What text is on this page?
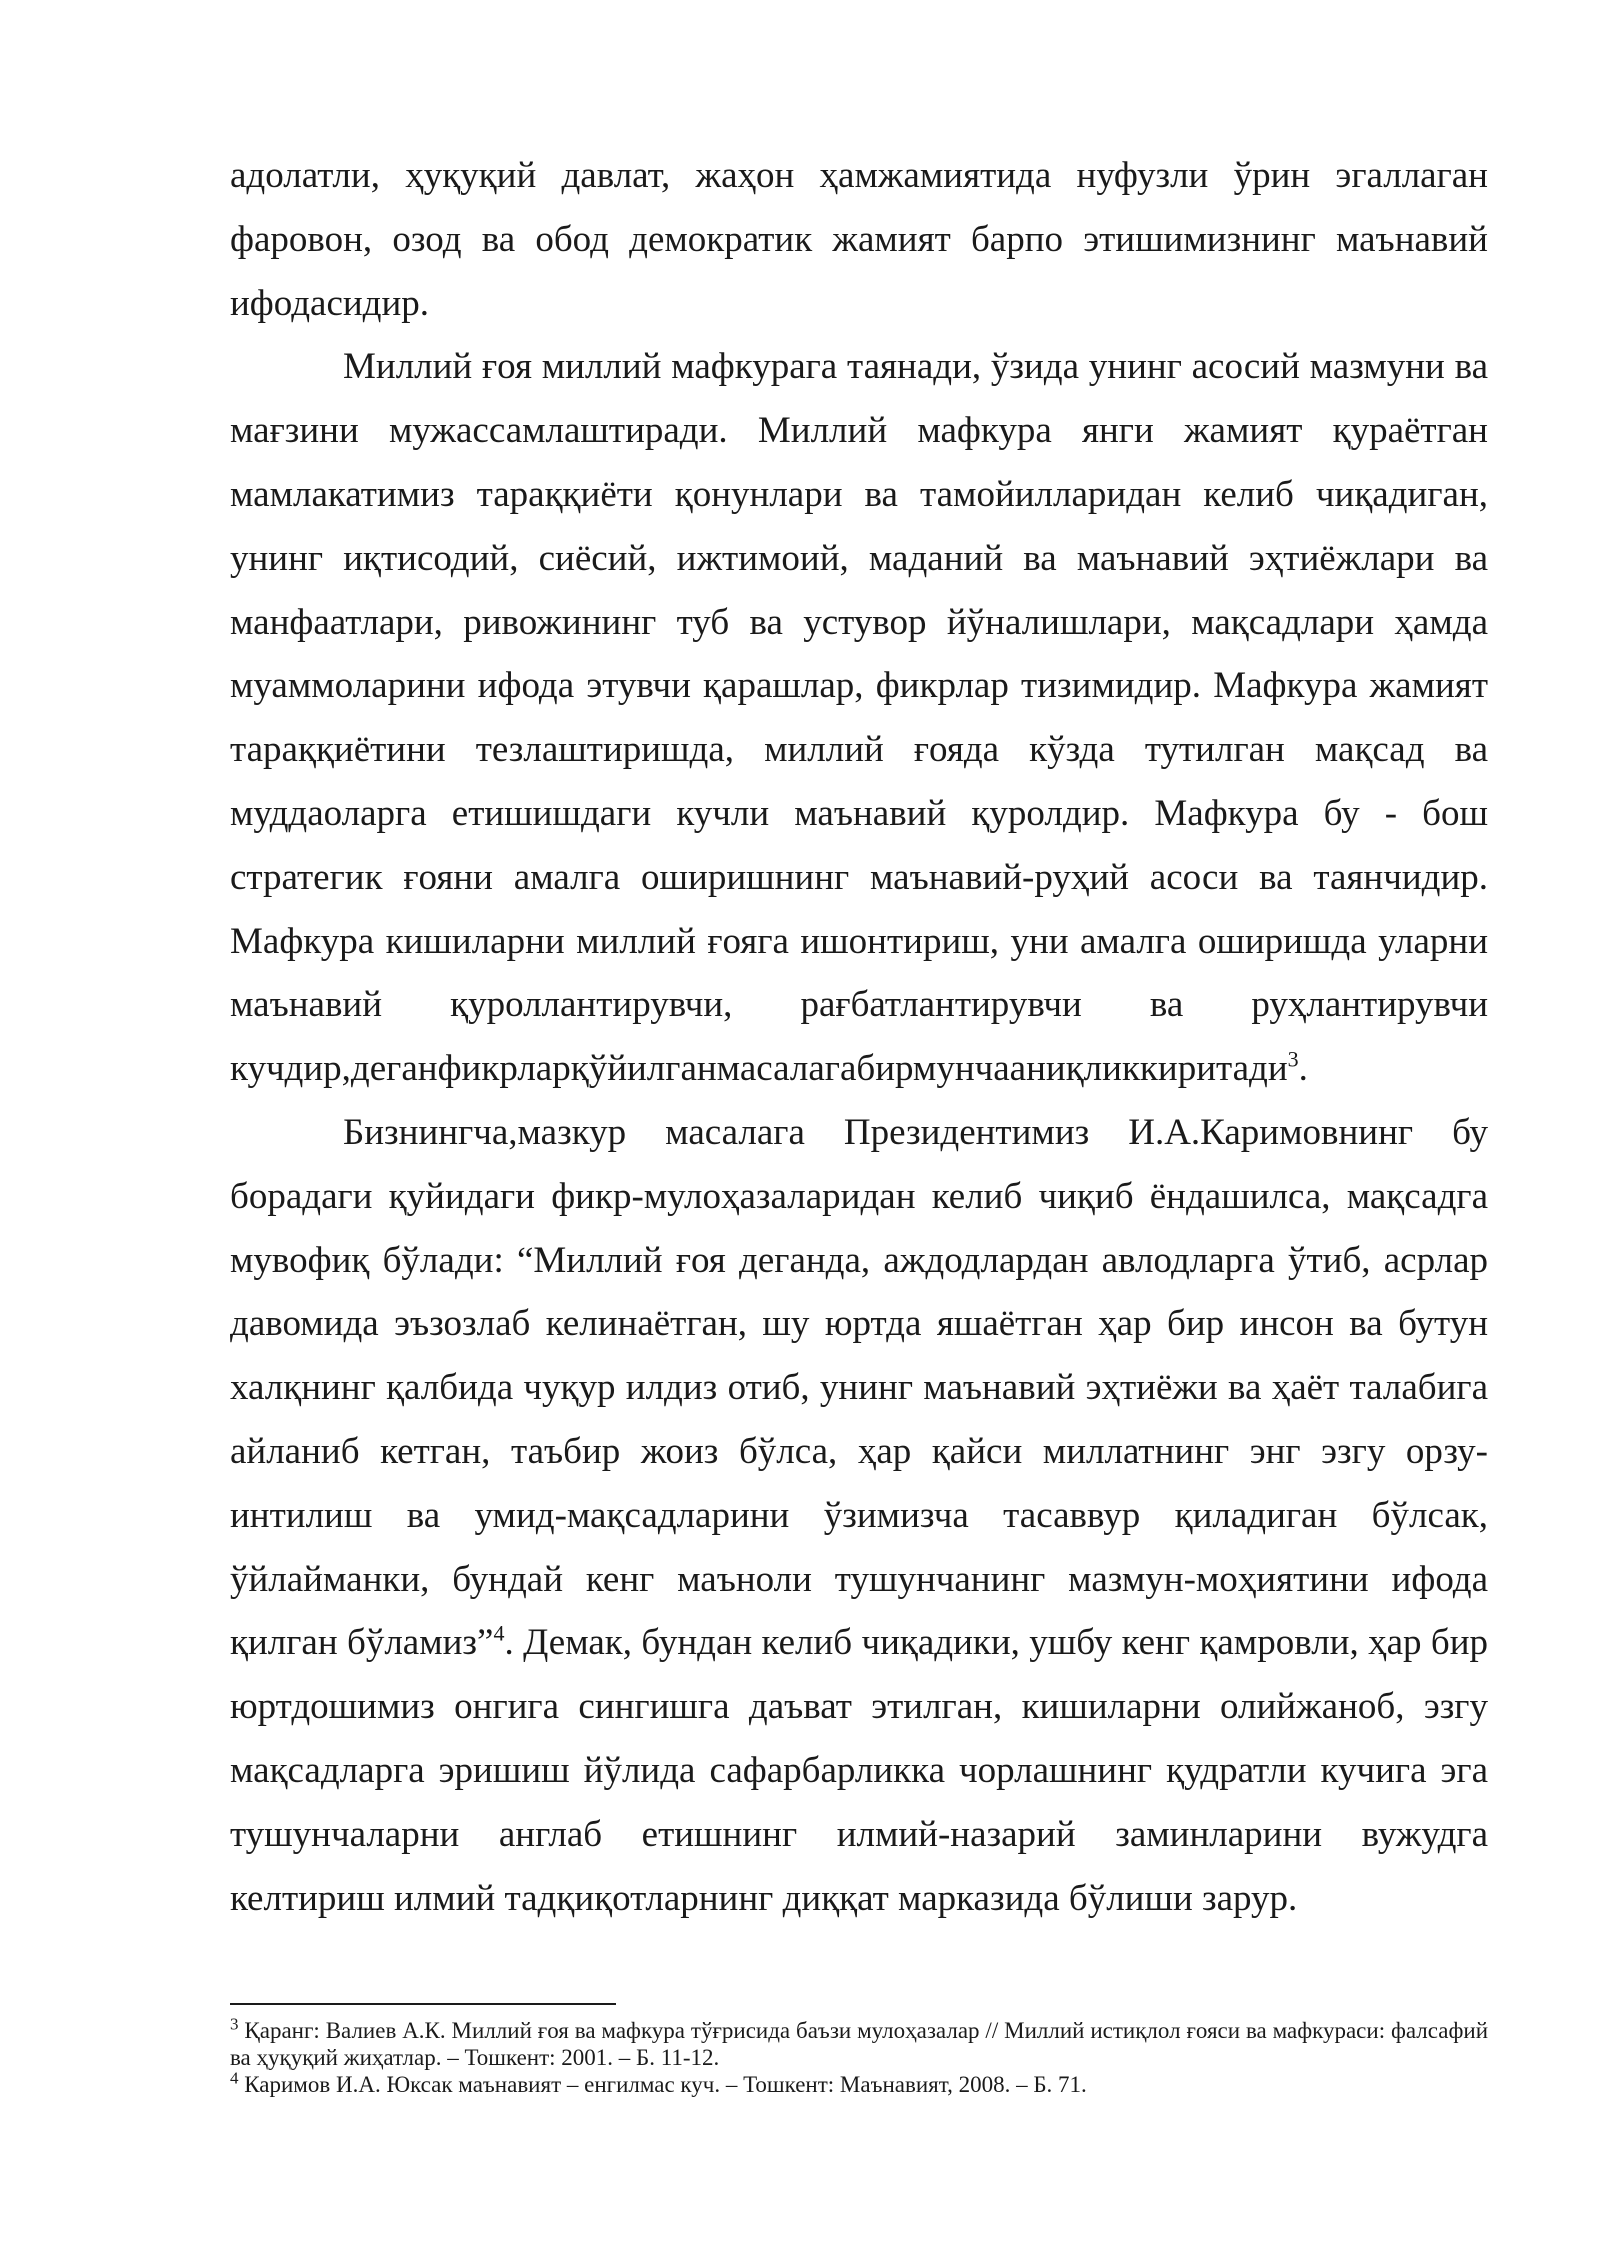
адолатли, ҳуқуқий давлат, жаҳон ҳамжамиятида нуфузли ўрин эгаллаган фаровон, озод ва обод демократик жамият барпо этишимизнинг маънавий ифодасидир.

Миллий ғоя миллий мафкурага таянади, ўзида унинг асосий мазмуни ва мағзини мужассамлаштиради. Миллий мафкура янги жамият қураётган мамлакатимиз тараққиёти қонунлари ва тамойилларидан келиб чиқадиган, унинг иқтисодий, сиёсий, ижтимоий, маданий ва маънавий эҳтиёжлари ва манфаатлари, ривожининг туб ва устувор йўналишлари, мақсадлари ҳамда муаммоларини ифода этувчи қарашлар, фикрлар тизимидир. Мафкура жамият тараққиётини тезлаштиришда, миллий ғояда кўзда тутилган мақсад ва муддаоларга етишишдаги кучли маънавий қуролдир. Мафкура бу - бош стратегик ғояни амалга оширишнинг маънавий-руҳий асоси ва таянчидир. Мафкура кишиларни миллий ғояга ишонтириш, уни амалга оширишда уларни маънавий қуроллантирувчи, рағбатлантирувчи ва руҳлантирувчи кучдир,деганфикрларқўйилганмасалагабирмунчааниқликкиритади$^3$.

Бизнингча,мазкур масалага Президентимиз И.А.Каримовнинг бу борадаги қуйидаги фикр-мулоҳазаларидан келиб чиқиб ёндашилса, мақсадга мувофиқ бўлади: “Миллий ғоя деганда, аждодлардан авлодларга ўтиб, асрлар давомида эъзозлаб келинаётган, шу юртда яшаётган ҳар бир инсон ва бутун халқнинг қалбида чуқур илдиз отиб, унинг маънавий эҳтиёжи ва ҳаёт талабига айланиб кетган, таъбир жоиз бўлса, ҳар қайси миллатнинг энг эзгу орзу-интилиш ва умид-мақсадларини ўзимизча тасаввур қиладиган бўлсак, ўйлайманки, бундай кенг маъноли тушунчанинг мазмун-моҳиятини ифода қилган бўламиз”$^4$. Демак, бундан келиб чиқадики, ушбу кенг қамровли, ҳар бир юртдошимиз онгига сингишга даъват этилган, кишиларни олийжаноб, эзгу мақсадларга эришиш йўлида сафарбарликка чорлашнинг қудратли кучига эга тушунчаларни англаб етишнинг илмий-назарий заминларини вужудга келтириш илмий тадқиқотларнинг диққат марказида бўлиши зарур.

$^3$ Қаранг: Валиев А.К. Миллий ғоя ва мафкура тўғрисида баъзи мулоҳазалар // Миллий истиқлол ғояси ва мафкураси: фалсафий ва ҳуқуқий жиҳатлар. – Тошкент: 2001. – Б. 11-12.

$^4$ Каримов И.А. Юксак маънавият – енгилмас куч. – Тошкент: Маънавият, 2008. – Б. 71.
